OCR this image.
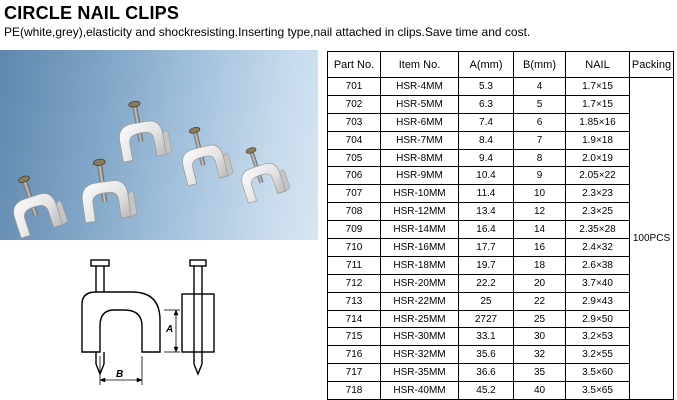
CIRCLE NAIL CLIPS
PE(white,grey),elasticity and shockresisting.Inserting type,nail attached in clips.Save time and cost.
A
B
Part No.	Item No.	A(mm)	B(mm)	NAIL	Packing
701	HSR-4MM	5.3	4	1.7×15	100PCS
702	HSR-5MM	6.3	5	1.7×15	
703	HSR-6MM	7.4	6	1.85×16	
704	HSR-7MM	8.4	7	1.9×18	
705	HSR-8MM	9.4	8	2.0×19	
706	HSR-9MM	10.4	9	2.05×22	
707	HSR-10MM	11.4	10	2.3×23	
708	HSR-12MM	13.4	12	2.3×25	
709	HSR-14MM	16.4	14	2.35×28	
710	HSR-16MM	17.7	16	2.4×32	
711	HSR-18MM	19.7	18	2.6×38	
712	HSR-20MM	22.2	20	3.7×40	
713	HSR-22MM	25	22	2.9×43	
714	HSR-25MM	2727	25	2.9×50	
715	HSR-30MM	33.1	30	3.2×53	
716	HSR-32MM	35.6	32	3.2×55	
717	HSR-35MM	36.6	35	3.5×60	
718	HSR-40MM	45.2	40	3.5×65	
